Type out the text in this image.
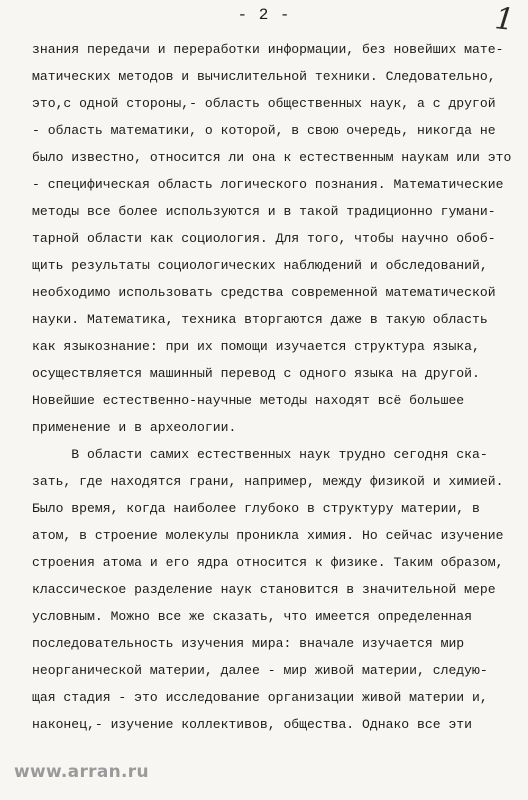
- 2 -	1
знания передачи и переработки информации, без новейших мате-
матических методов и вычислительной техники. Следовательно,
это,с одной стороны,- область общественных наук, а с другой
- область математики, о которой, в свою очередь, никогда не
было известно, относится ли она к естественным наукам или это
- специфическая область логического познания. Математические
методы все более используются и в такой традиционно гумани-
тарной области как социология. Для того, чтобы научно обоб-
щить результаты социологических наблюдений и обследований,
необходимо использовать средства современной математической
науки. Математика, техника вторгаются даже в такую область
как языкознание: при их помощи изучается структура языка,
осуществляется машинный перевод с одного языка на другой.
Новейшие естественно-научные методы находят всё большее
применение и в археологии.
В области самих естественных наук трудно сегодня ска-
зать, где находятся грани, например, между физикой и химией.
Было время, когда наиболее глубоко в структуру материи, в
атом, в строение молекулы проникла химия. Но сейчас изучение
строения атома и его ядра относится к физике. Таким образом,
классическое разделение наук становится в значительной мере
условным. Можно все же сказать, что имеется определенная
последовательность изучения мира: вначале изучается мир
неорганической материи, далее - мир живой материи, следую-
щая стадия - это исследование организации живой материи и,
наконец,- изучение коллективов, общества. Однако все эти
www.arran.ru
